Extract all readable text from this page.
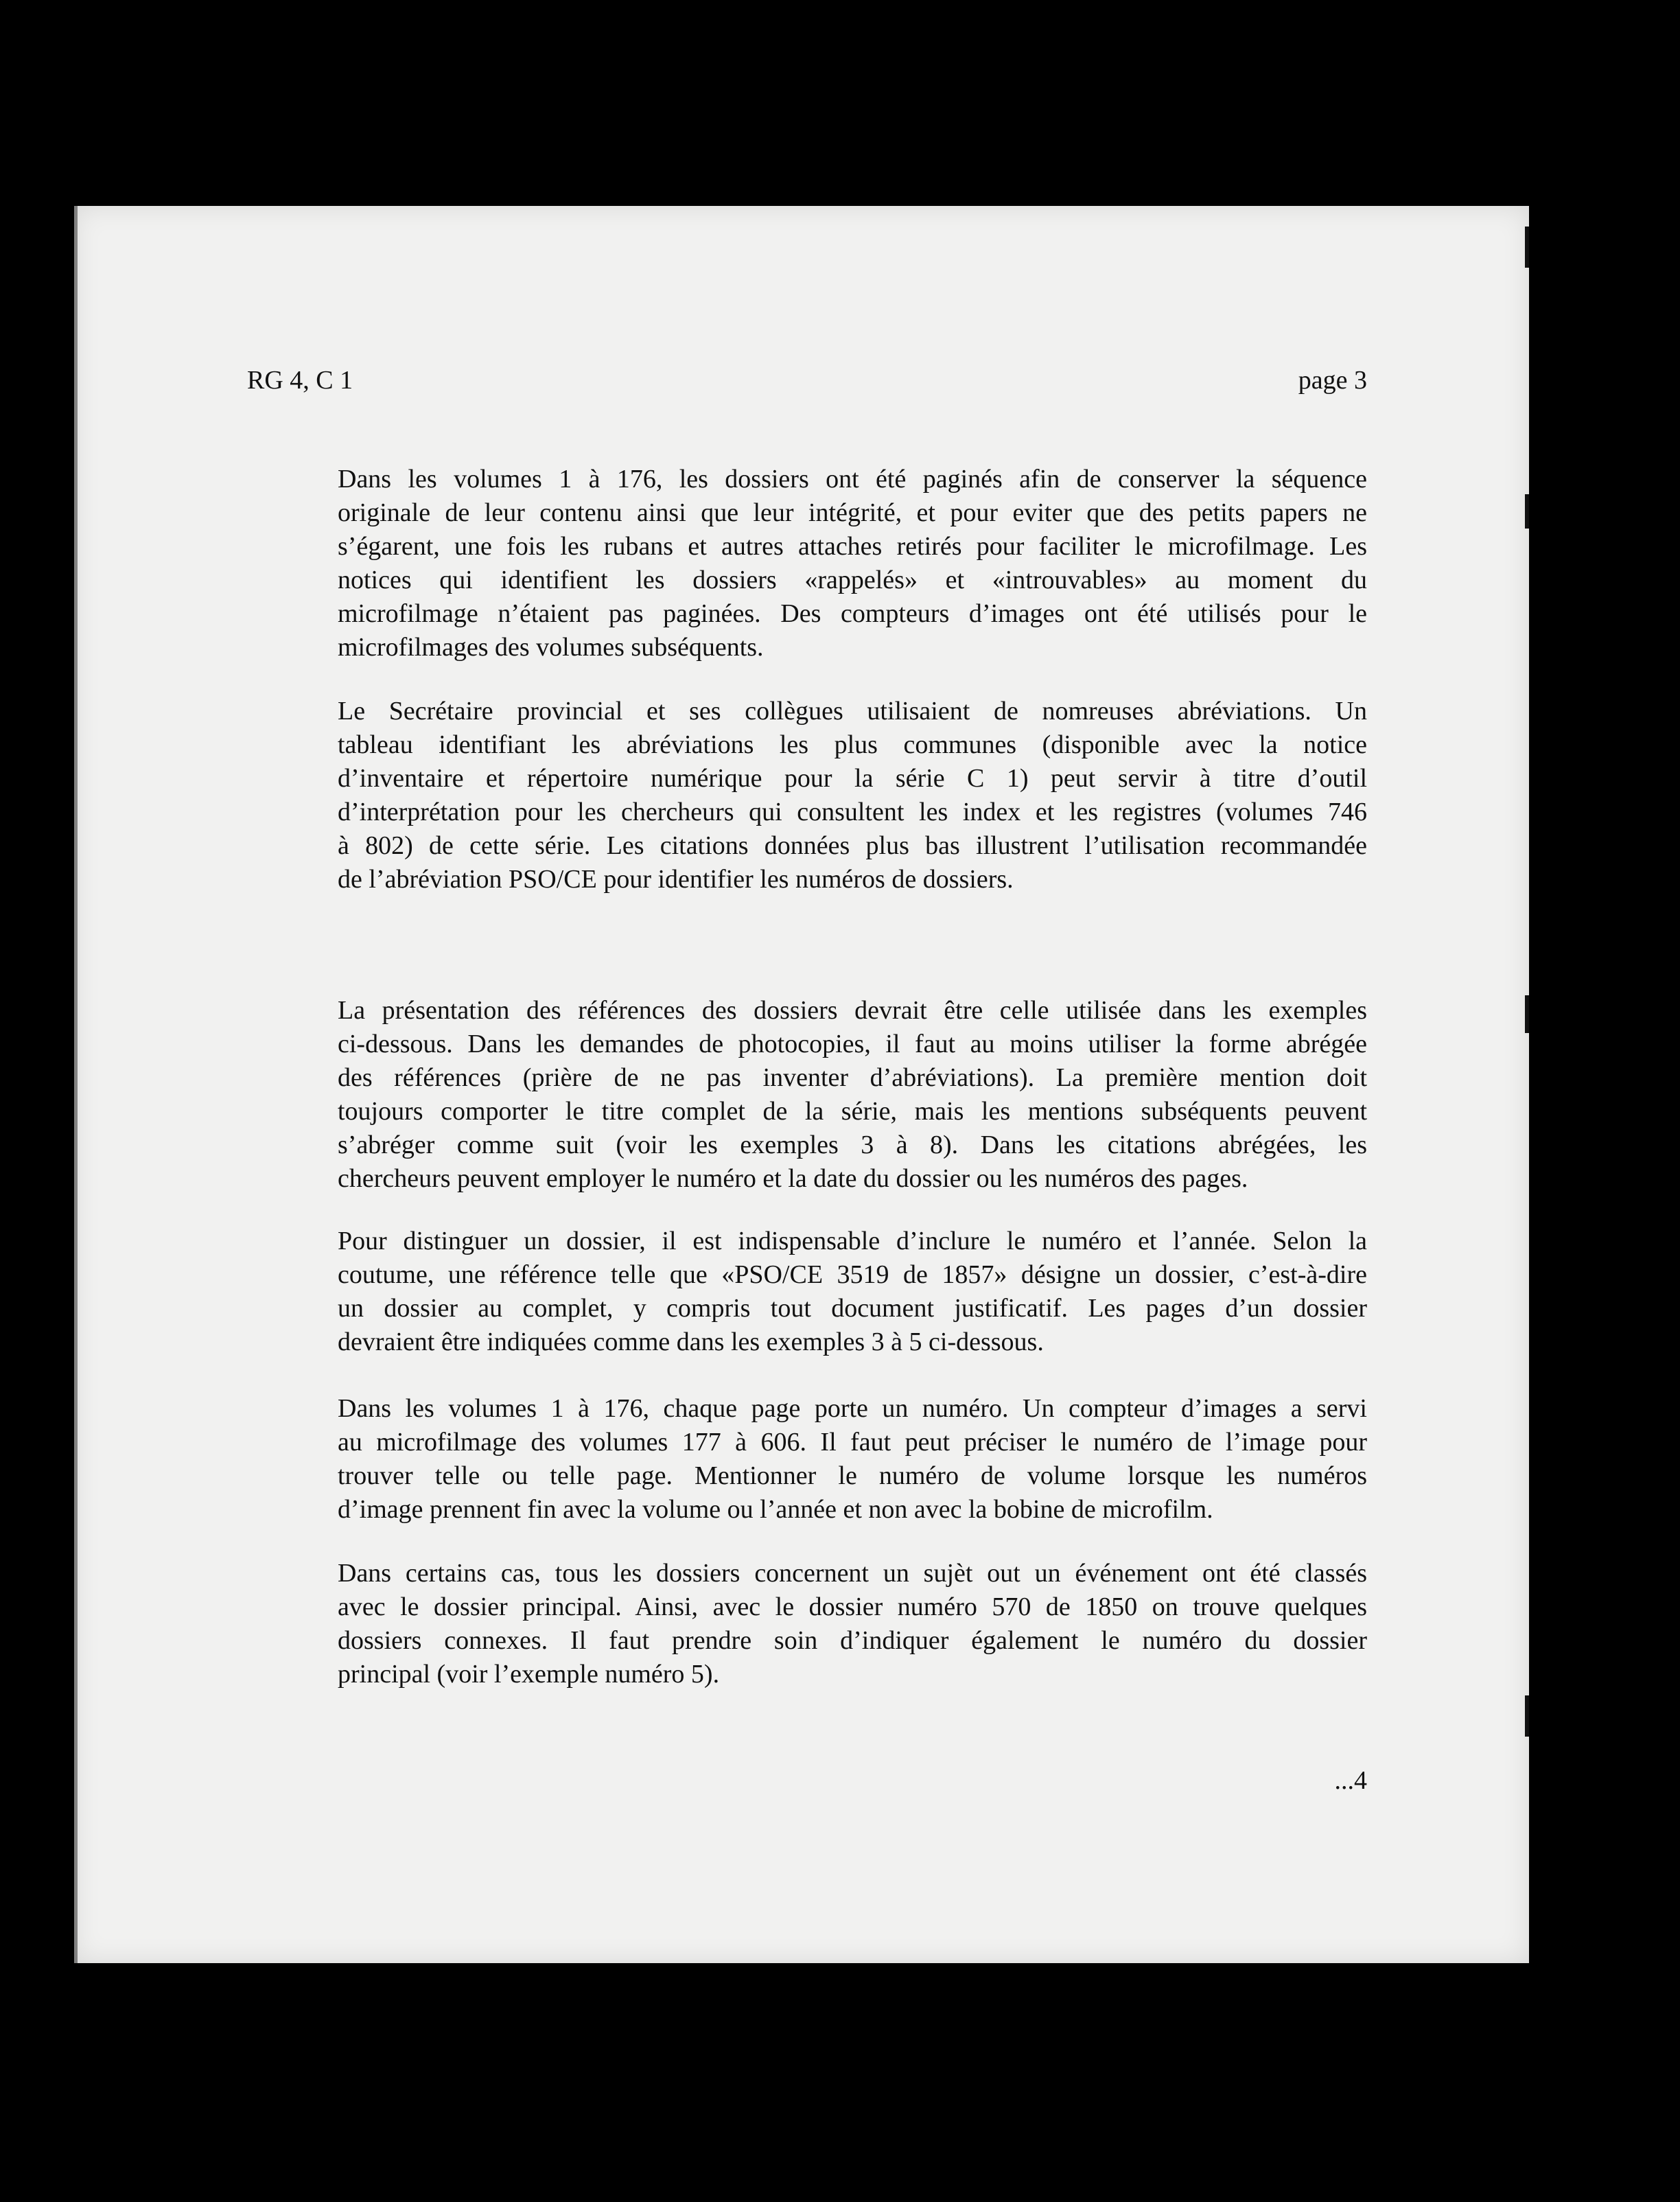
RG 4, C 1	page 3

Dans les volumes 1 à 176, les dossiers ont été paginés afin de conserver la séquence
originale de leur contenu ainsi que leur intégrité, et pour eviter que des petits papers ne
s’égarent, une fois les rubans et autres attaches retirés pour faciliter le microfilmage. Les
notices qui identifient les dossiers «rappelés» et «introuvables» au moment du
microfilmage n’étaient pas paginées. Des compteurs d’images ont été utilisés pour le
microfilmages des volumes subséquents.

Le Secrétaire provincial et ses collègues utilisaient de nomreuses abréviations. Un
tableau identifiant les abréviations les plus communes (disponible avec la notice
d’inventaire et répertoire numérique pour la série C 1) peut servir à titre d’outil
d’interprétation pour les chercheurs qui consultent les index et les registres (volumes 746
à 802) de cette série. Les citations données plus bas illustrent l’utilisation recommandée
de l’abréviation PSO/CE pour identifier les numéros de dossiers.

La présentation des références des dossiers devrait être celle utilisée dans les exemples
ci-dessous. Dans les demandes de photocopies, il faut au moins utiliser la forme abrégée
des références (prière de ne pas inventer d’abréviations). La première mention doit
toujours comporter le titre complet de la série, mais les mentions subséquents peuvent
s’abréger comme suit (voir les exemples 3 à 8). Dans les citations abrégées, les
chercheurs peuvent employer le numéro et la date du dossier ou les numéros des pages.

Pour distinguer un dossier, il est indispensable d’inclure le numéro et l’année. Selon la
coutume, une référence telle que «PSO/CE 3519 de 1857» désigne un dossier, c’est-à-dire
un dossier au complet, y compris tout document justificatif. Les pages d’un dossier
devraient être indiquées comme dans les exemples 3 à 5 ci-dessous.

Dans les volumes 1 à 176, chaque page porte un numéro. Un compteur d’images a servi
au microfilmage des volumes 177 à 606. Il faut peut préciser le numéro de l’image pour
trouver telle ou telle page. Mentionner le numéro de volume lorsque les numéros
d’image prennent fin avec la volume ou l’année et non avec la bobine de microfilm.

Dans certains cas, tous les dossiers concernent un sujèt out un événement ont été classés
avec le dossier principal. Ainsi, avec le dossier numéro 570 de 1850 on trouve quelques
dossiers connexes. Il faut prendre soin d’indiquer également le numéro du dossier
principal (voir l’exemple numéro 5).

...4
